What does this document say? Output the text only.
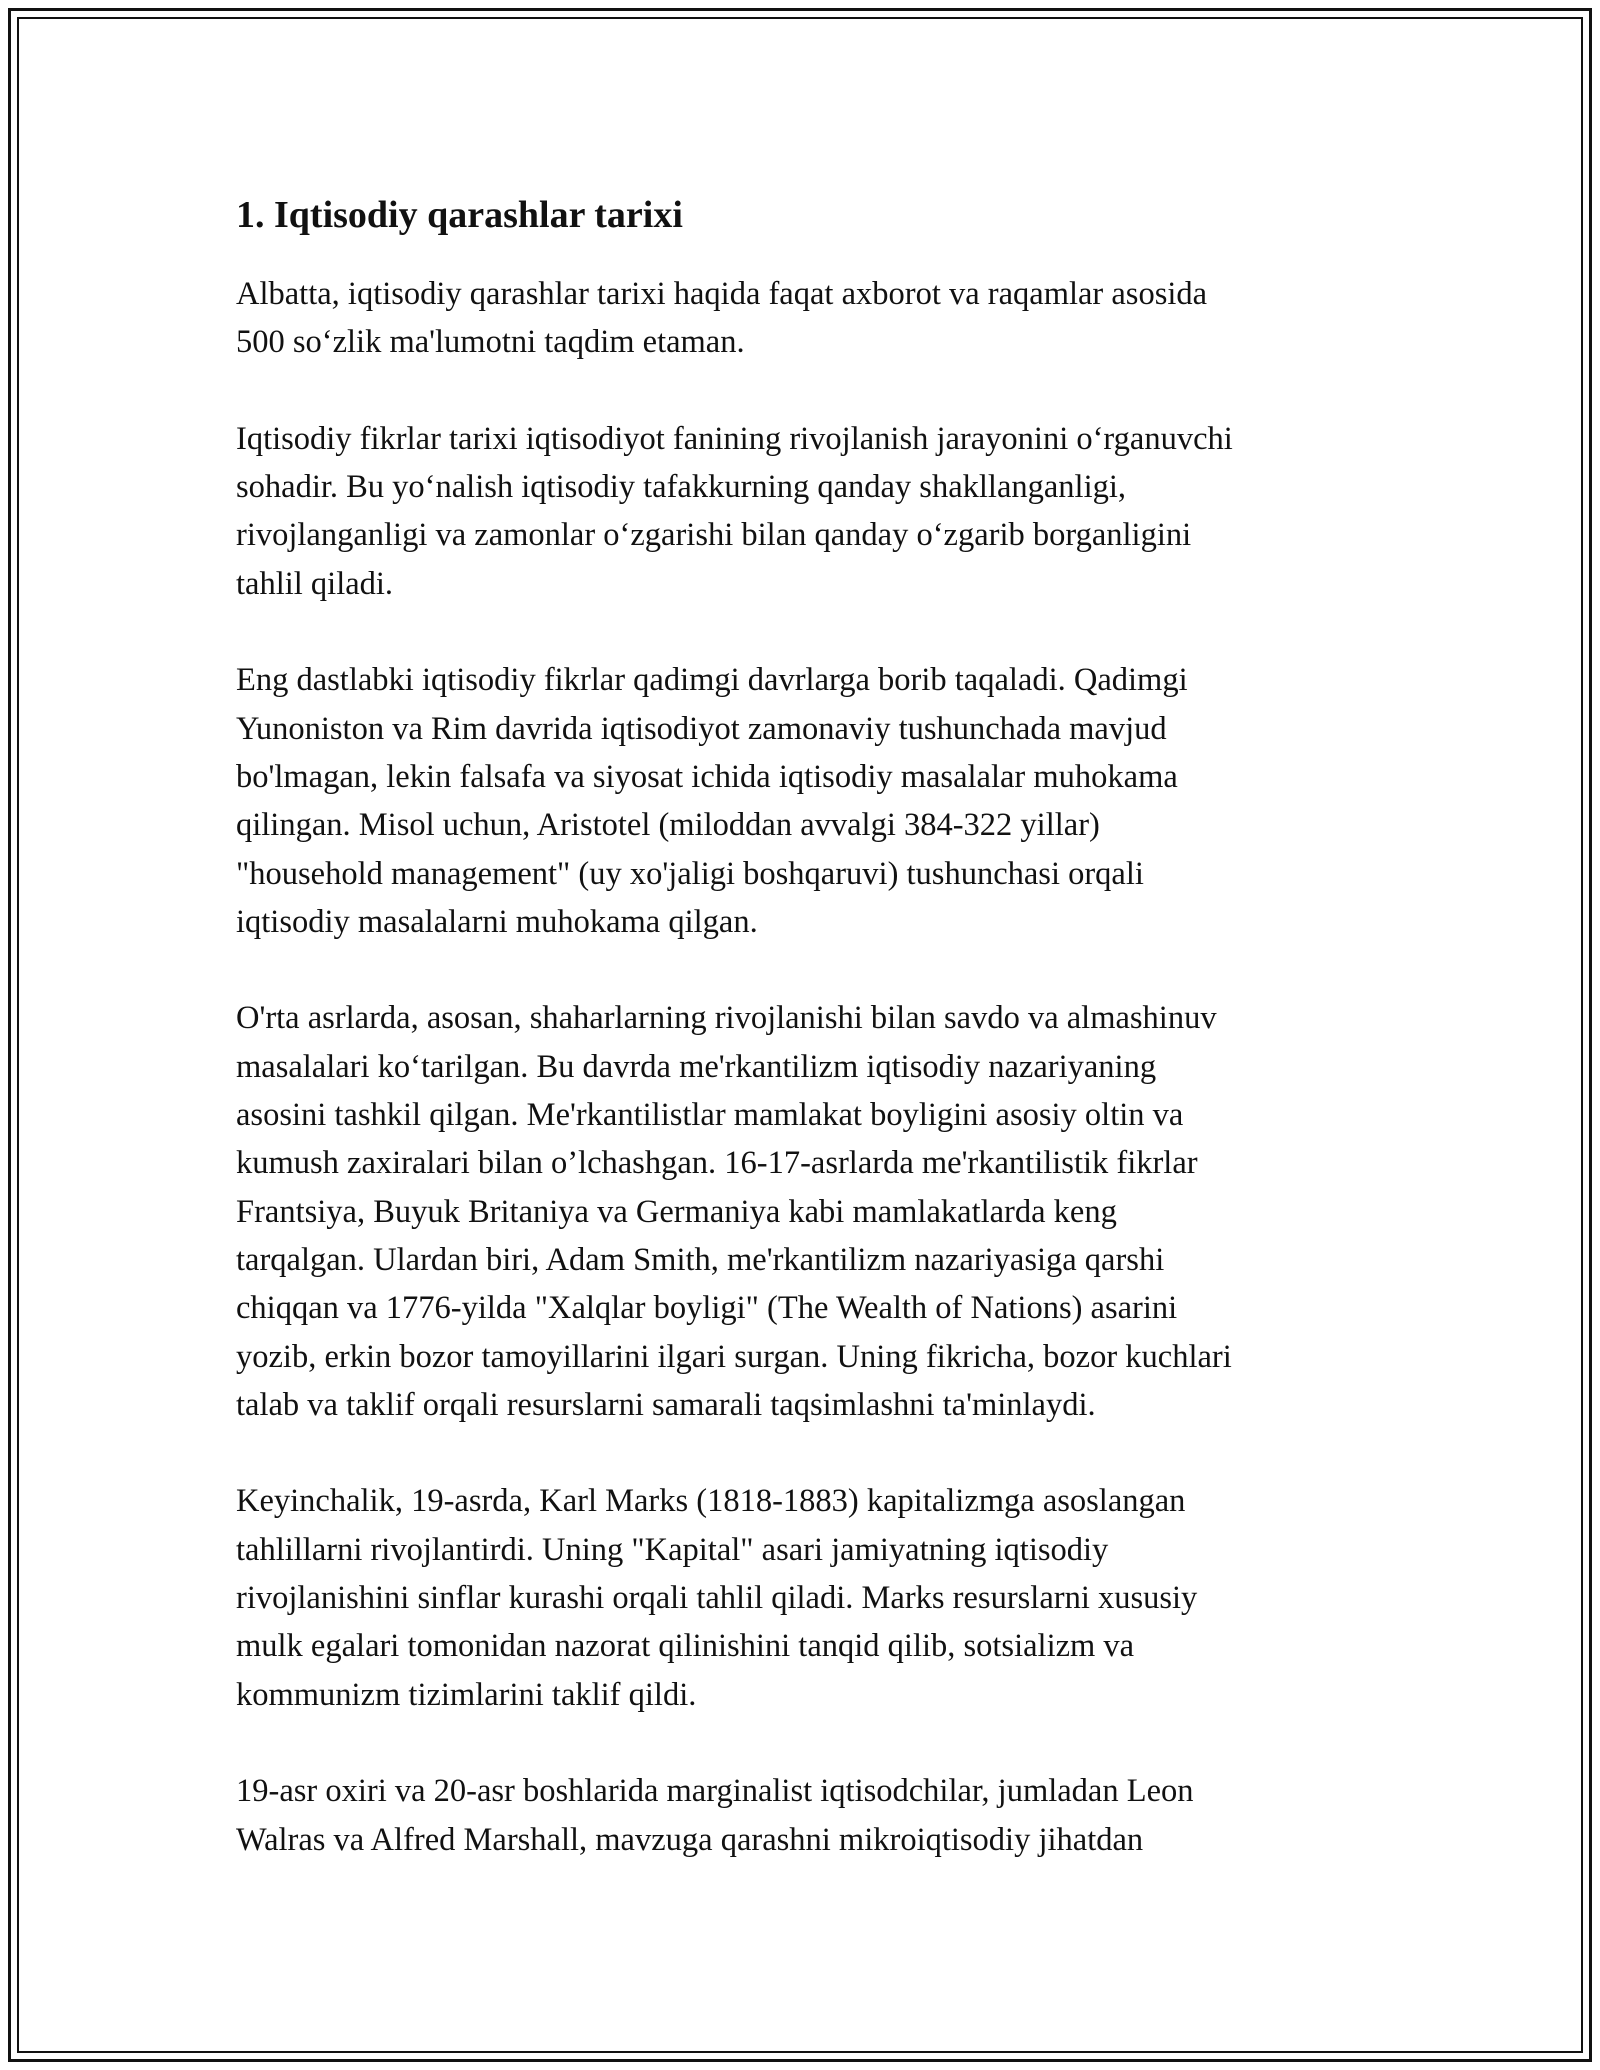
1. Iqtisodiy qarashlar tarixi

Albatta, iqtisodiy qarashlar tarixi haqida faqat axborot va raqamlar asosida
500 so‘zlik ma'lumotni taqdim etaman.

Iqtisodiy fikrlar tarixi iqtisodiyot fanining rivojlanish jarayonini o‘rganuvchi
sohadir. Bu yo‘nalish iqtisodiy tafakkurning qanday shakllanganligi,
rivojlanganligi va zamonlar o‘zgarishi bilan qanday o‘zgarib borganligini
tahlil qiladi.

Eng dastlabki iqtisodiy fikrlar qadimgi davrlarga borib taqaladi. Qadimgi
Yunoniston va Rim davrida iqtisodiyot zamonaviy tushunchada mavjud
bo'lmagan, lekin falsafa va siyosat ichida iqtisodiy masalalar muhokama
qilingan. Misol uchun, Aristotel (miloddan avvalgi 384-322 yillar)
"household management" (uy xo'jaligi boshqaruvi) tushunchasi orqali
iqtisodiy masalalarni muhokama qilgan.

O'rta asrlarda, asosan, shaharlarning rivojlanishi bilan savdo va almashinuv
masalalari ko‘tarilgan. Bu davrda me'rkantilizm iqtisodiy nazariyaning
asosini tashkil qilgan. Me'rkantilistlar mamlakat boyligini asosiy oltin va
kumush zaxiralari bilan o’lchashgan. 16-17-asrlarda me'rkantilistik fikrlar
Frantsiya, Buyuk Britaniya va Germaniya kabi mamlakatlarda keng
tarqalgan. Ulardan biri, Adam Smith, me'rkantilizm nazariyasiga qarshi
chiqqan va 1776-yilda "Xalqlar boyligi" (The Wealth of Nations) asarini
yozib, erkin bozor tamoyillarini ilgari surgan. Uning fikricha, bozor kuchlari
talab va taklif orqali resurslarni samarali taqsimlashni ta'minlaydi.

Keyinchalik, 19-asrda, Karl Marks (1818-1883) kapitalizmga asoslangan
tahlillarni rivojlantirdi. Uning "Kapital" asari jamiyatning iqtisodiy
rivojlanishini sinflar kurashi orqali tahlil qiladi. Marks resurslarni xususiy
mulk egalari tomonidan nazorat qilinishini tanqid qilib, sotsializm va
kommunizm tizimlarini taklif qildi.

19-asr oxiri va 20-asr boshlarida marginalist iqtisodchilar, jumladan Leon
Walras va Alfred Marshall, mavzuga qarashni mikroiqtisodiy jihatdan
